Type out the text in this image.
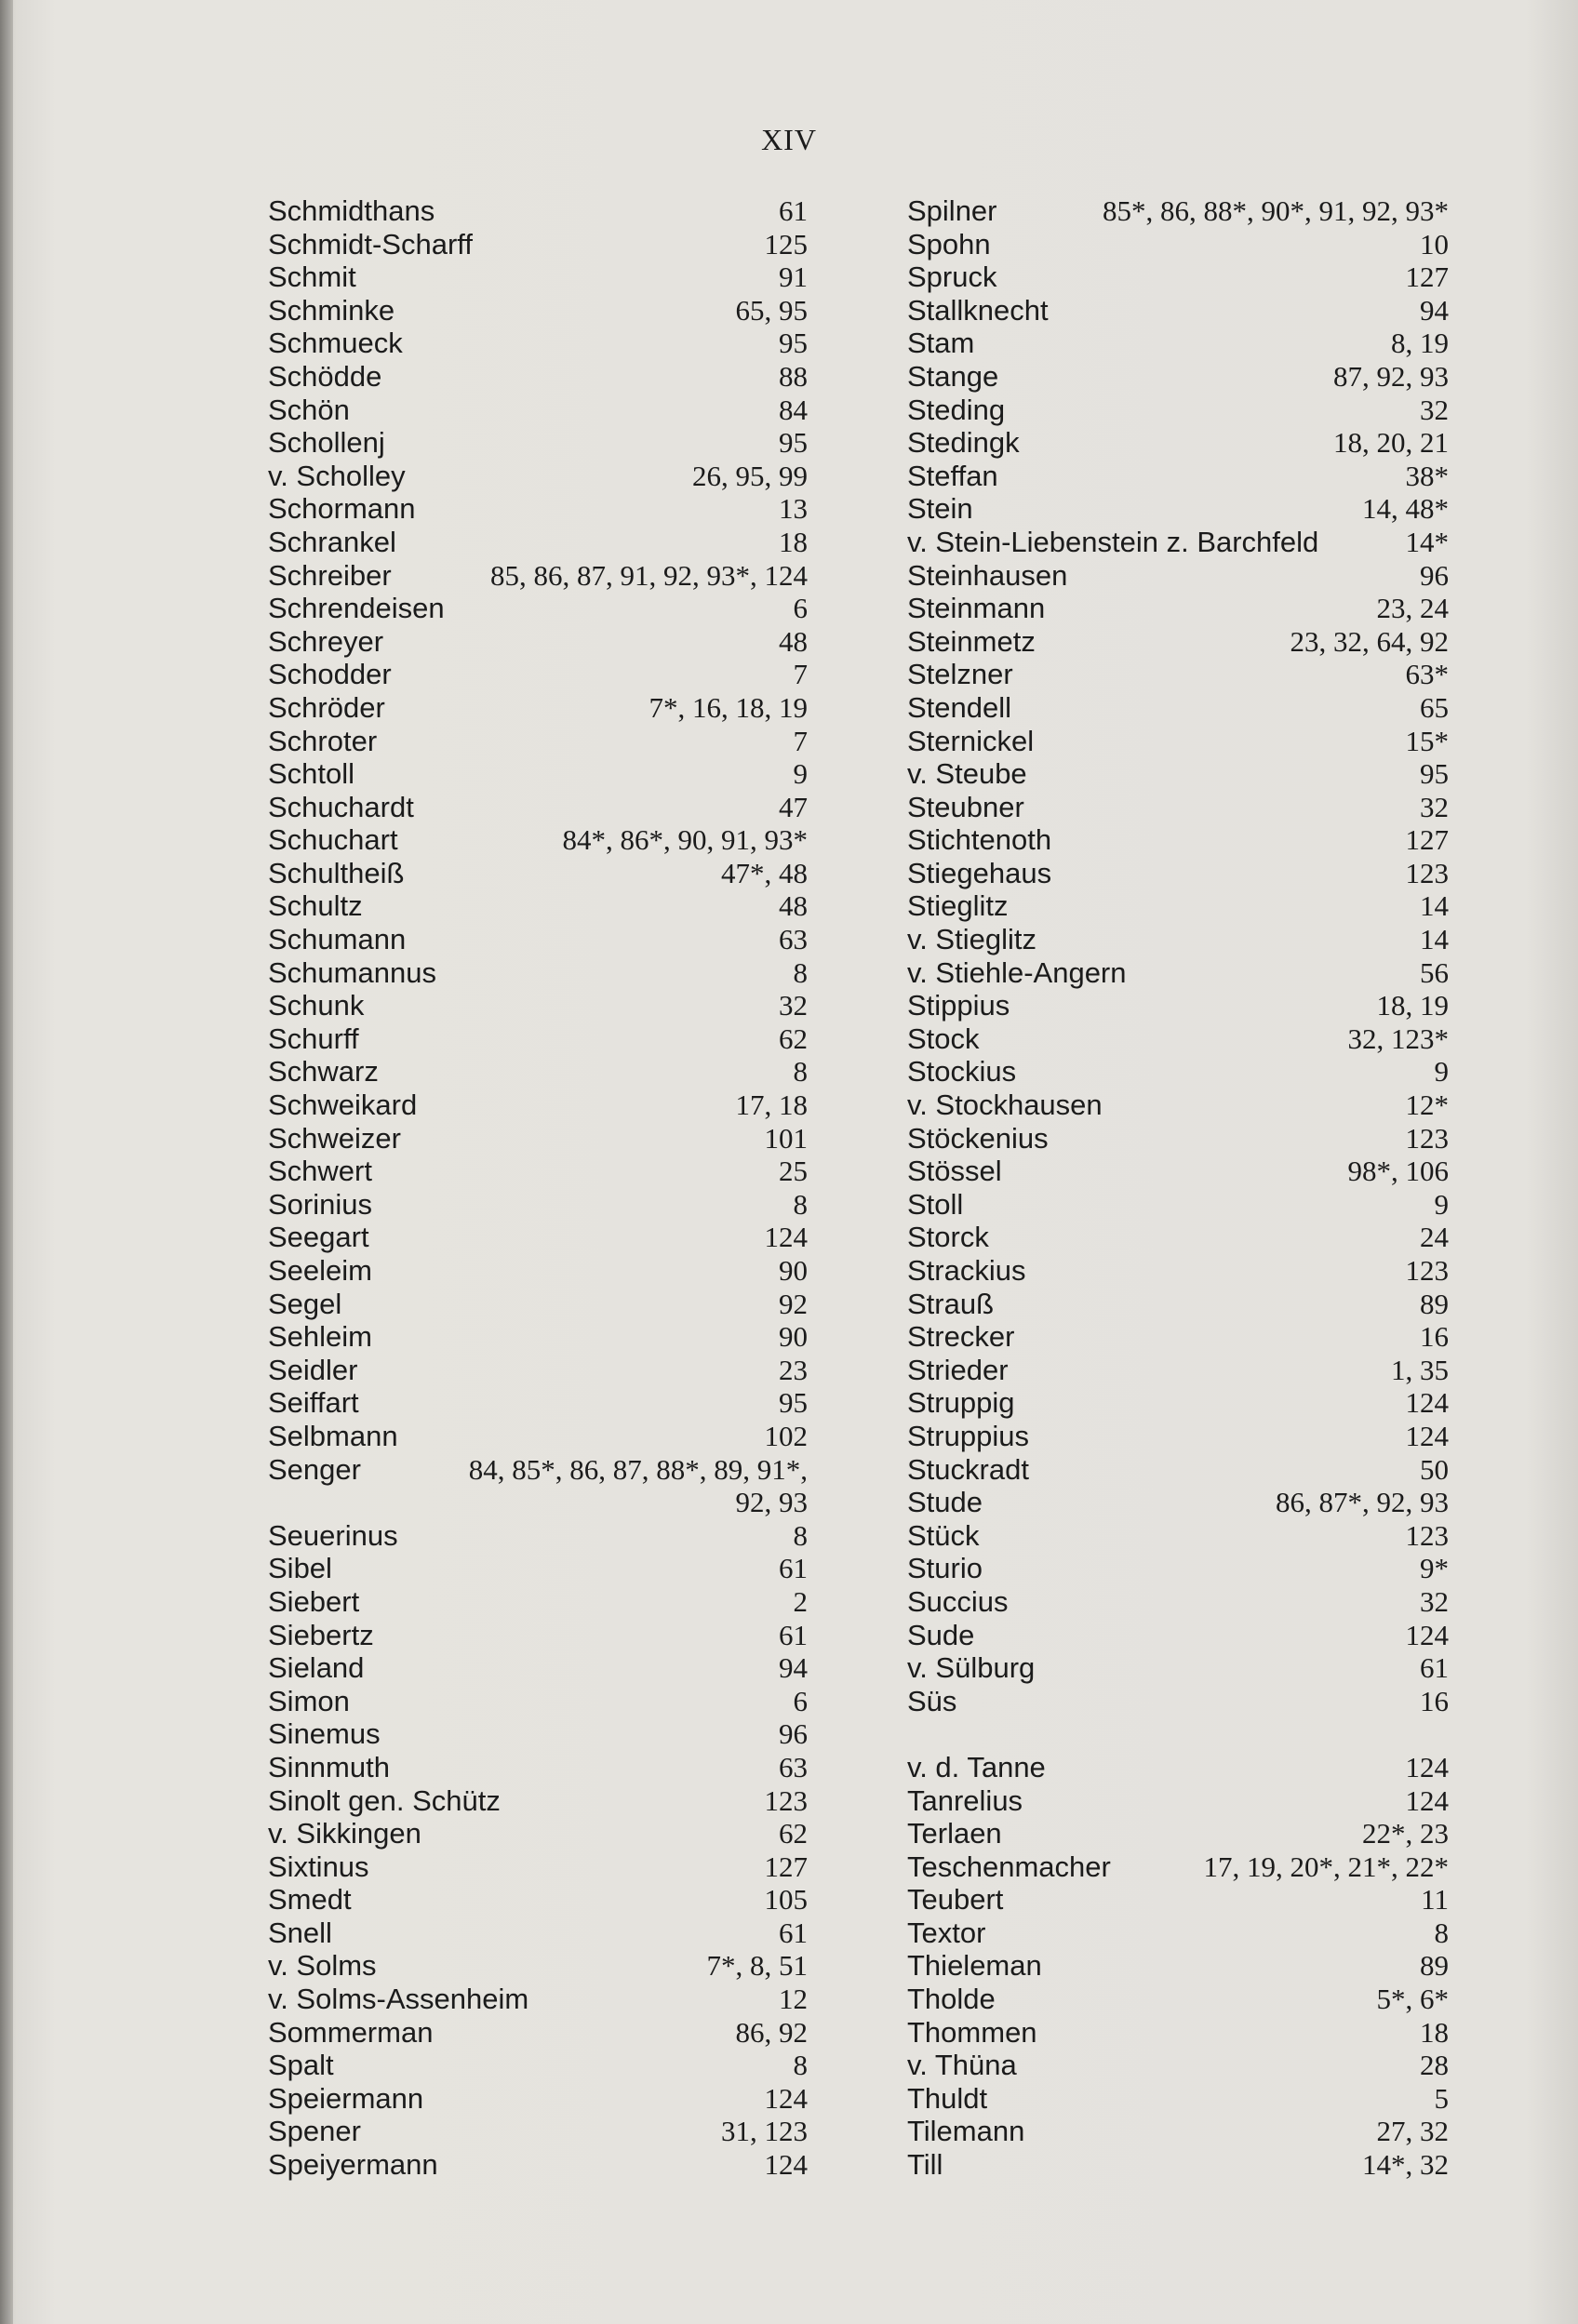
XIV
Schmidthans	61
Schmidt-Scharff	125
Schmit	91
Schminke	65, 95
Schmueck	95
Schödde	88
Schön	84
Schollenj	95
v. Scholley	26, 95, 99
Schormann	13
Schrankel	18
Schreiber	85, 86, 87, 91, 92, 93*, 124
Schrendeisen	6
Schreyer	48
Schodder	7
Schröder	7*, 16, 18, 19
Schroter	7
Schtoll	9
Schuchardt	47
Schuchart	84*, 86*, 90, 91, 93*
Schultheiß	47*, 48
Schultz	48
Schumann	63
Schumannus	8
Schunk	32
Schurff	62
Schwarz	8
Schweikard	17, 18
Schweizer	101
Schwert	25
Sorinius	8
Seegart	124
Seeleim	90
Segel	92
Sehleim	90
Seidler	23
Seiffart	95
Selbmann	102
Senger	84, 85*, 86, 87, 88*, 89, 91*, 92, 93
Seuerinus	8
Sibel	61
Siebert	2
Siebertz	61
Sieland	94
Simon	6
Sinemus	96
Sinnmuth	63
Sinolt gen. Schütz	123
v. Sikkingen	62
Sixtinus	127
Smedt	105
Snell	61
v. Solms	7*, 8, 51
v. Solms-Assenheim	12
Sommerman	86, 92
Spalt	8
Speiermann	124
Spener	31, 123
Speiyermann	124
Spilner	85*, 86, 88*, 90*, 91, 92, 93*
Spohn	10
Spruck	127
Stallknecht	94
Stam	8, 19
Stange	87, 92, 93
Steding	32
Stedingk	18, 20, 21
Steffan	38*
Stein	14, 48*
v. Stein-Liebenstein z. Barchfeld	14*
Steinhausen	96
Steinmann	23, 24
Steinmetz	23, 32, 64, 92
Stelzner	63*
Stendell	65
Sternickel	15*
v. Steube	95
Steubner	32
Stichtenoth	127
Stiegehaus	123
Stieglitz	14
v. Stieglitz	14
v. Stiehle-Angern	56
Stippius	18, 19
Stock	32, 123*
Stockius	9
v. Stockhausen	12*
Stöckenius	123
Stössel	98*, 106
Stoll	9
Storck	24
Strackius	123
Strauß	89
Strecker	16
Strieder	1, 35
Struppig	124
Struppius	124
Stuckradt	50
Stude	86, 87*, 92, 93
Stück	123
Sturio	9*
Succius	32
Sude	124
v. Sülburg	61
Süs	16
v. d. Tanne	124
Tanrelius	124
Terlaen	22*, 23
Teschenmacher	17, 19, 20*, 21*, 22*
Teubert	11
Textor	8
Thieleman	89
Tholde	5*, 6*
Thommen	18
v. Thüna	28
Thuldt	5
Tilemann	27, 32
Till	14*, 32
